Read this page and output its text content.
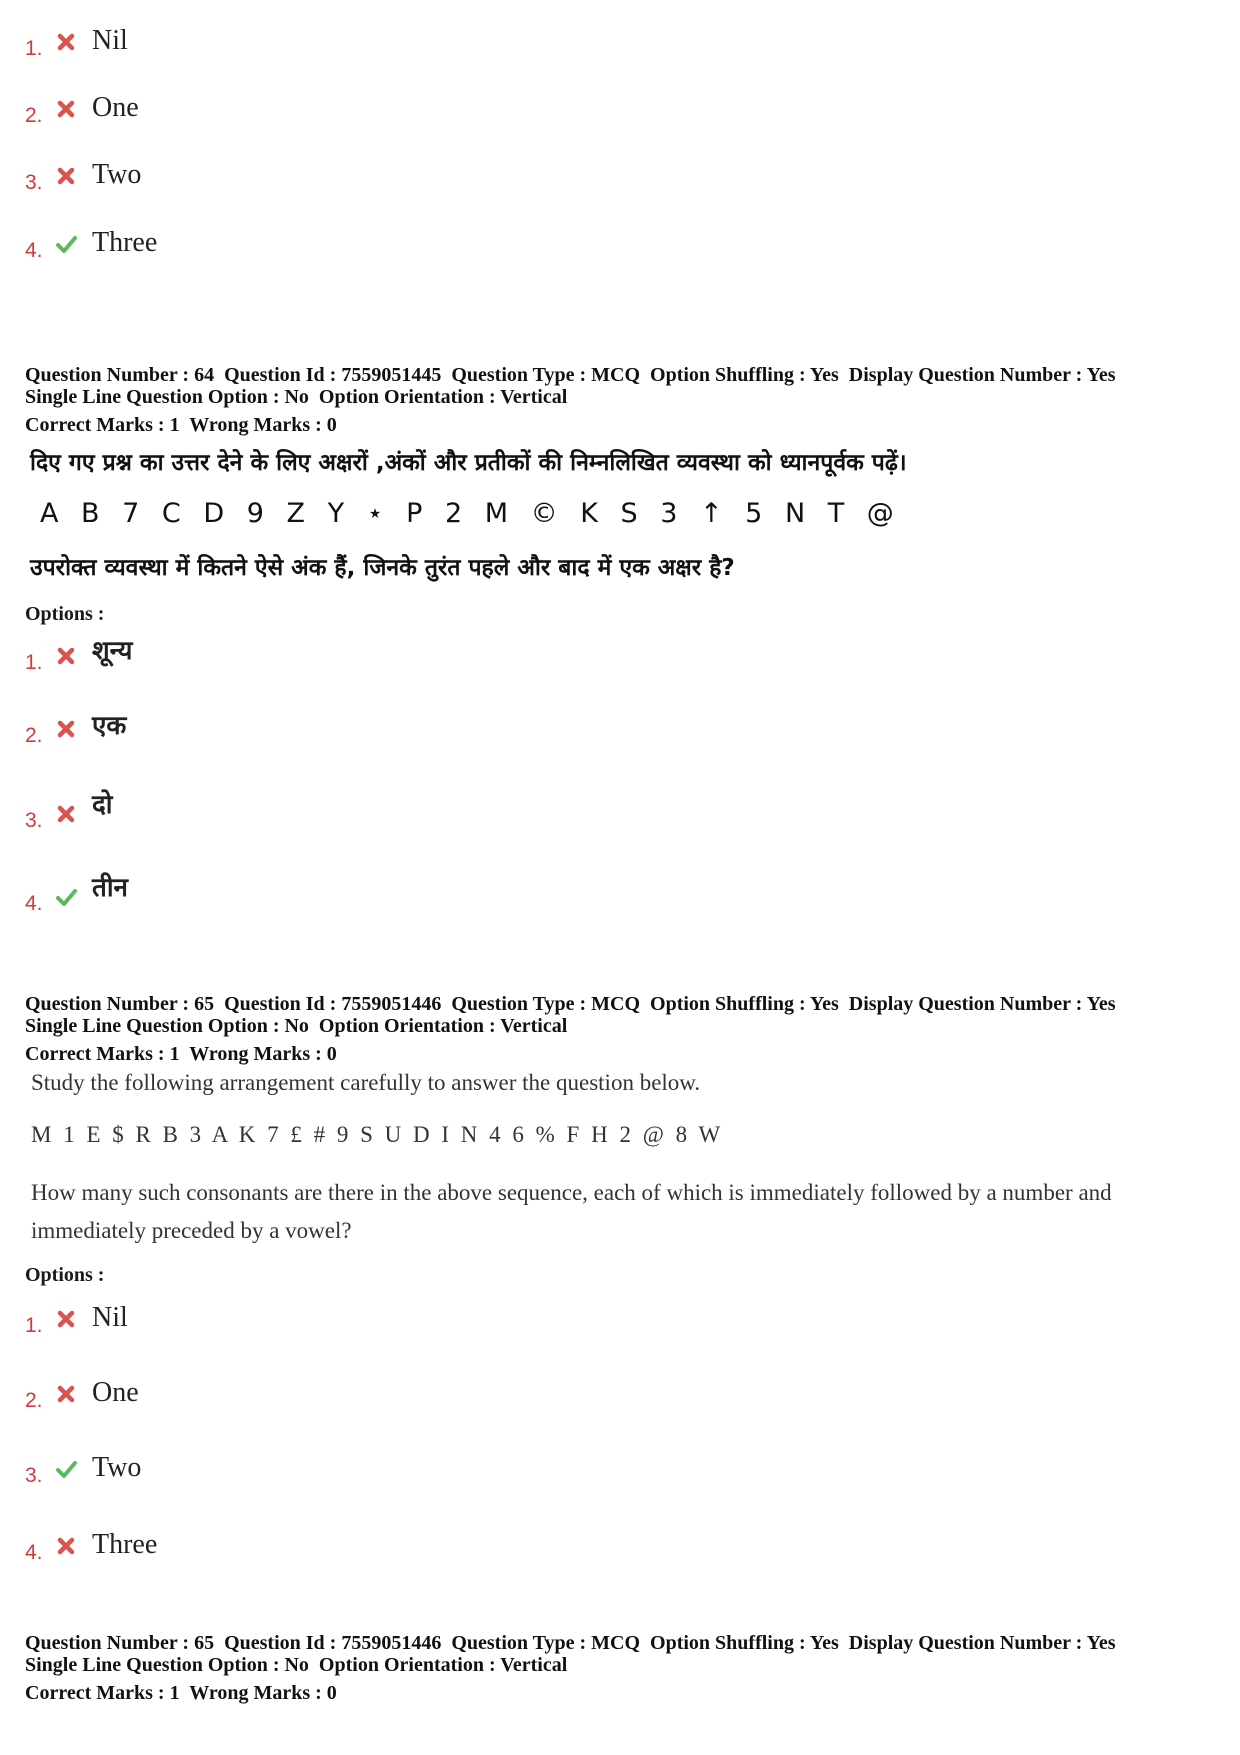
1. Nil
2. One
3. Two
4. Three
Question Number : 64  Question Id : 7559051445  Question Type : MCQ  Option Shuffling : Yes  Display Question Number : Yes
Single Line Question Option : No  Option Orientation : Vertical
Correct Marks : 1  Wrong Marks : 0
दिए गए प्रश्न का उत्तर देने के लिए अक्षरों ,अंकों और प्रतीकों की निम्नलिखित व्यवस्था को ध्यानपूर्वक पढ़ें।
A B 7 C D 9 Z Y ⋆ P 2 M © K S 3 ↑ 5 N T @
उपरोक्त व्यवस्था में कितने ऐसे अंक हैं, जिनके तुरंत पहले और बाद में एक अक्षर है?
Options :
1. शून्य
2. एक
3.
दो
4.
तीन
Question Number : 65  Question Id : 7559051446  Question Type : MCQ  Option Shuffling : Yes  Display Question Number : Yes
Single Line Question Option : No  Option Orientation : Vertical
Correct Marks : 1  Wrong Marks : 0
Study the following arrangement carefully to answer the question below.
M 1 E $ R B 3 A K 7 £ # 9 S U D I N 4 6 % F H 2 @ 8 W
How many such consonants are there in the above sequence, each of which is immediately followed by a number and
immediately preceded by a vowel?
Options :
1. Nil
2. One
3. Two
4. Three
Question Number : 65  Question Id : 7559051446  Question Type : MCQ  Option Shuffling : Yes  Display Question Number : Yes
Single Line Question Option : No  Option Orientation : Vertical
Correct Marks : 1  Wrong Marks : 0
